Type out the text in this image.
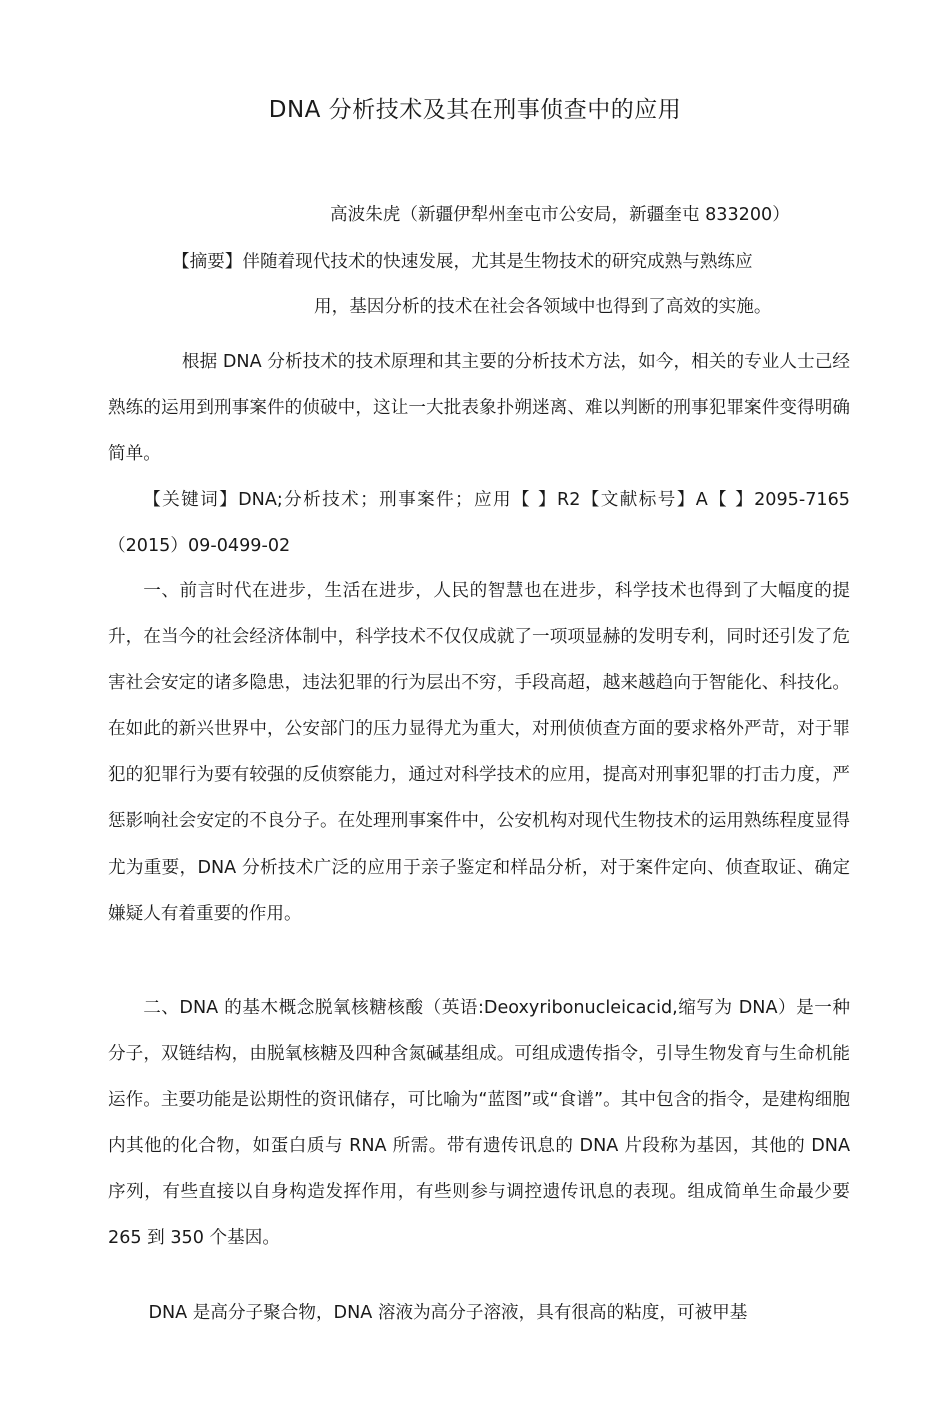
DNA 分析技术及其在刑事侦查中的应用
高波朱虎（新疆伊犁州奎屯市公安局，新疆奎屯 833200）
【摘要】伴随着现代技术的快速发展，尤其是生物技术的研究成熟与熟练应
用，基因分析的技术在社会各领域中也得到了高效的实施。

根据 DNA 分析技术的技术原理和其主要的分析技术方法，如今，相关的专业人士己经熟练的运用到刑事案件的侦破中，这让一大批表象扑朔迷离、难以判断的刑事犯罪案件变得明确简单。

【关键词】DNA;分析技术；刑事案件；应用【 】R2【文献标号】A【 】2095-7165（2015）09-0499-02

一、前言时代在进步，生活在进步，人民的智慧也在进步，科学技术也得到了大幅度的提升，在当今的社会经济体制中，科学技术不仅仅成就了一项项显赫的发明专利，同时还引发了危害社会安定的诸多隐患，违法犯罪的行为层出不穷，手段高超，越来越趋向于智能化、科技化。在如此的新兴世界中，公安部门的压力显得尤为重大，对刑侦侦查方面的要求格外严苛，对于罪犯的犯罪行为要有较强的反侦察能力，通过对科学技术的应用，提高对刑事犯罪的打击力度，严惩影响社会安定的不良分子。在处理刑事案件中，公安机构对现代生物技术的运用熟练程度显得尤为重要，DNA 分析技术广泛的应用于亲子鉴定和样品分析，对于案件定向、侦查取证、确定嫌疑人有着重要的作用。

二、DNA 的基木概念脱氧核糖核酸（英语:Deoxyribonucleicacid,缩写为 DNA）是一种分子，双链结构，由脱氧核糖及四种含氮碱基组成。可组成遗传指令，引导生物发育与生命机能运作。主要功能是讼期性的资讯储存，可比喻为“蓝图”或“食谱”。其中包含的指令，是建构细胞内其他的化合物，如蛋白质与 RNA 所需。带有遗传讯息的 DNA 片段称为基因，其他的 DNA 序列，有些直接以自身构造发挥作用，有些则参与调控遗传讯息的表现。组成简单生命最少要 265 到 350 个基因。

DNA 是高分子聚合物，DNA 溶液为高分子溶液，具有很高的粘度，可被甲基
